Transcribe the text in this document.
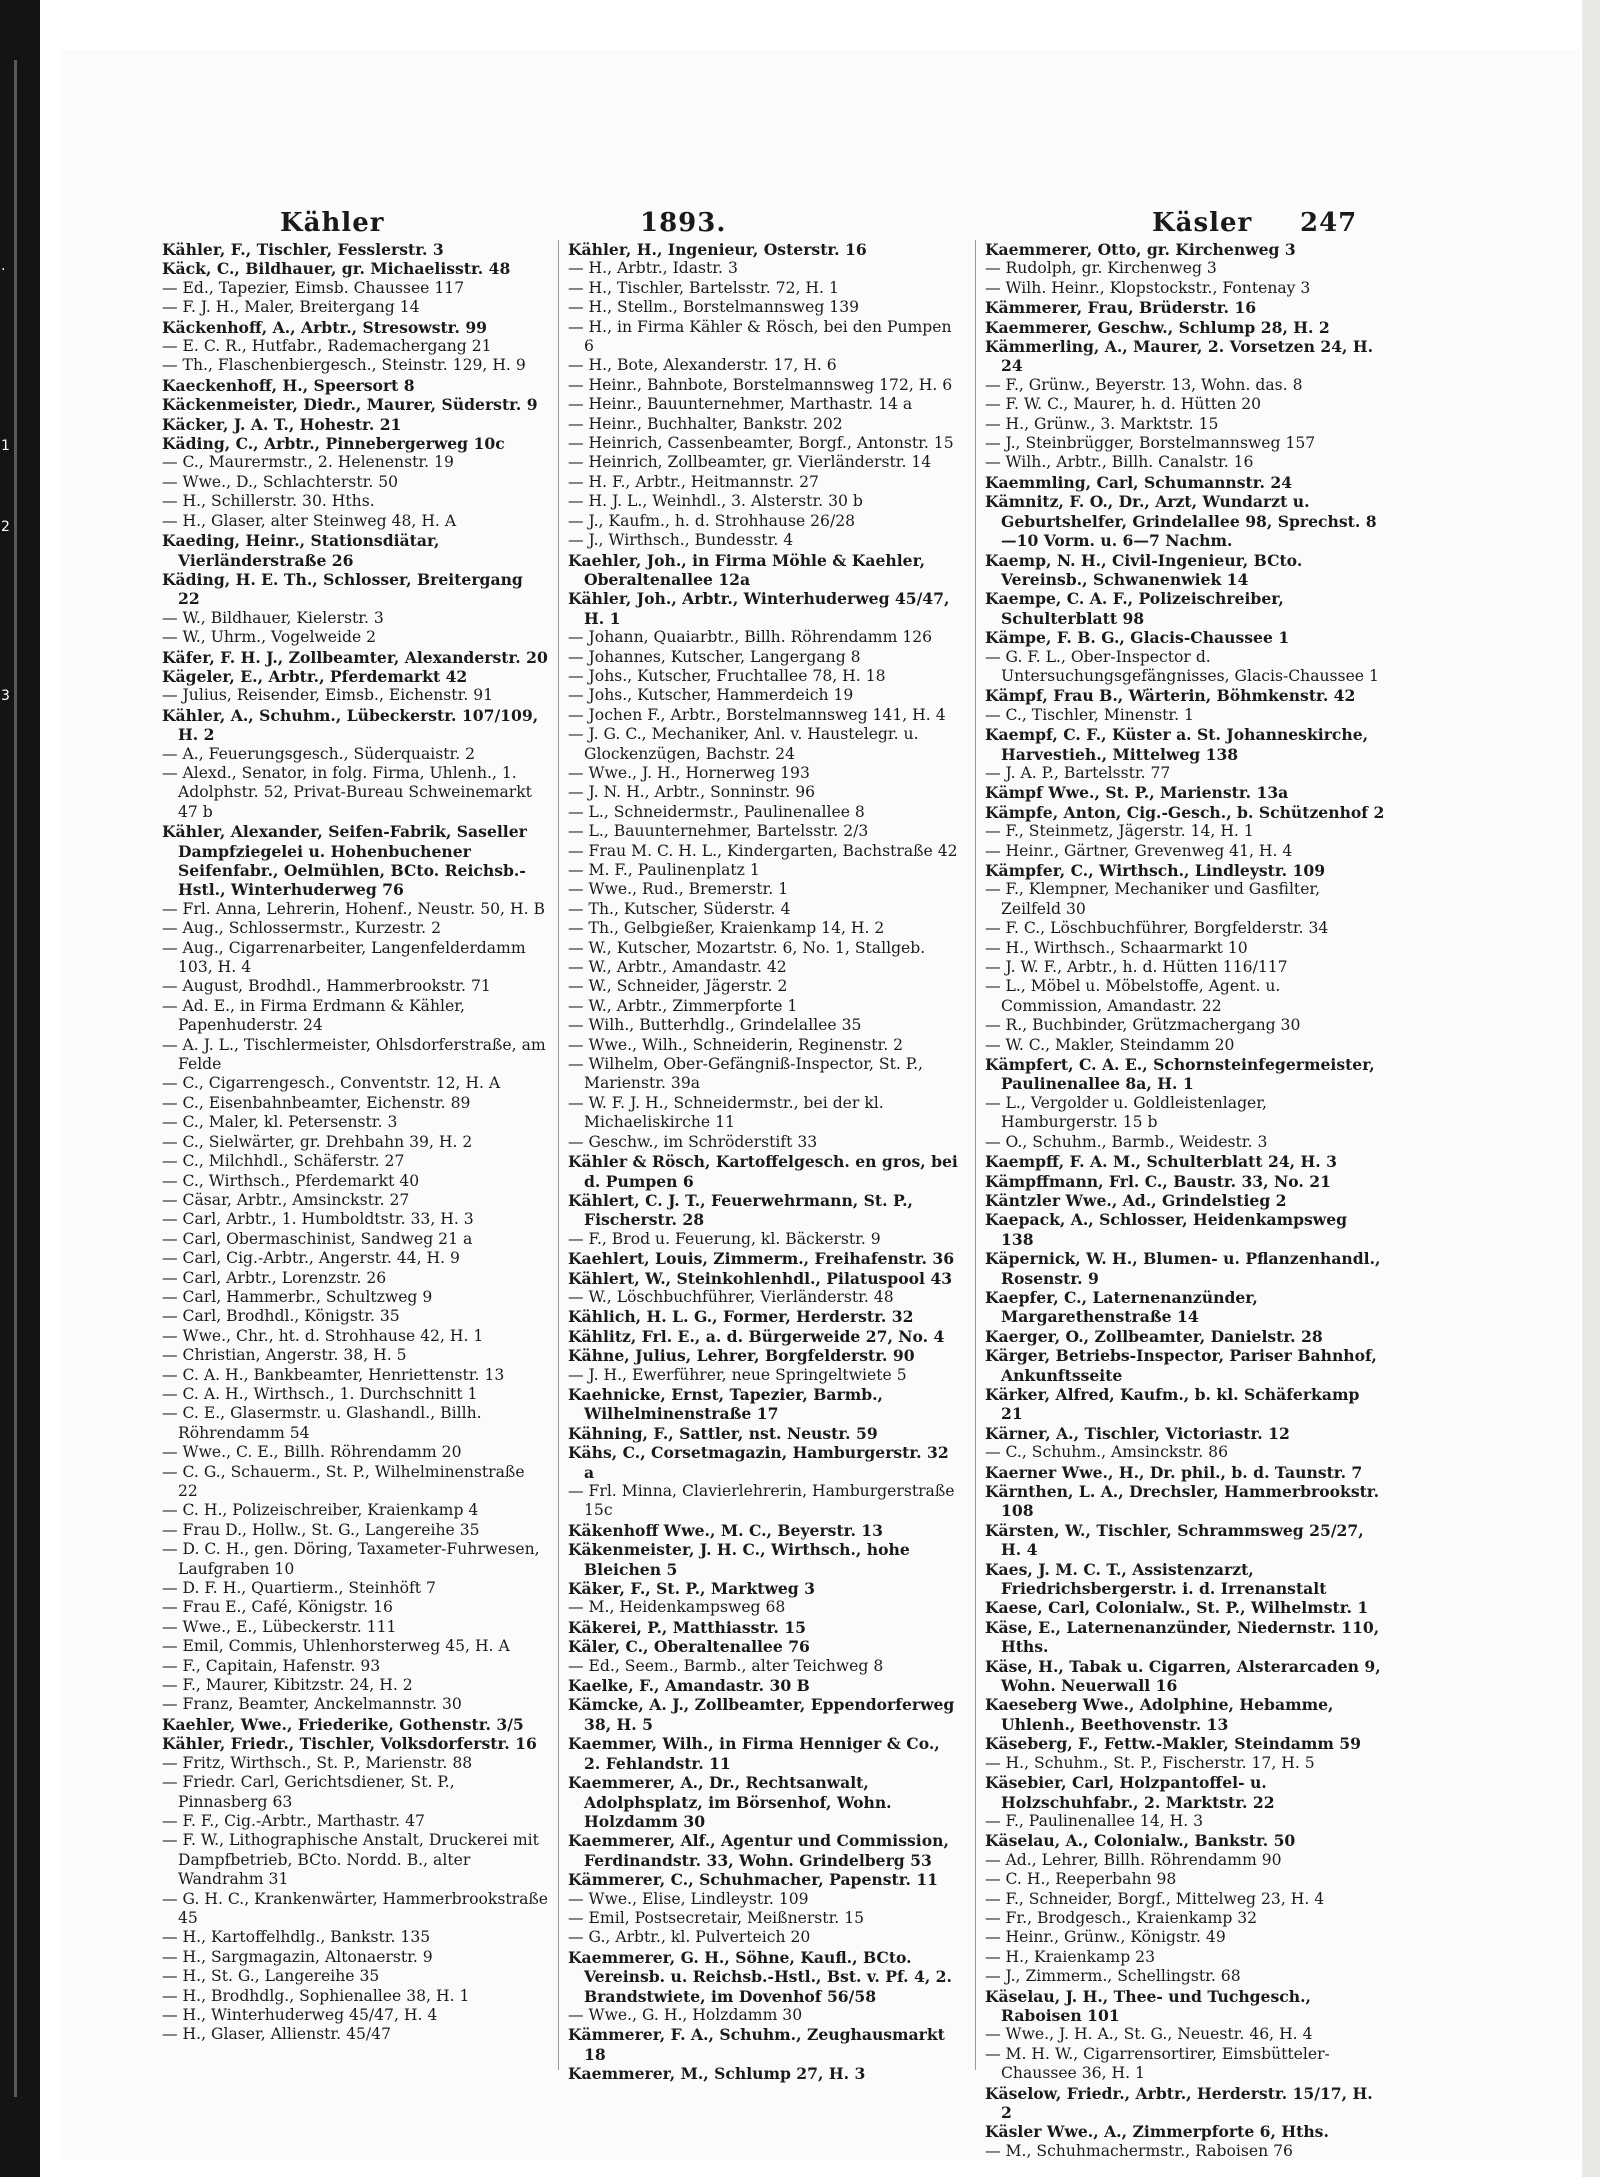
.
1
2
3
Kähler	1893.	Käsler 247

Kähler, F., Tischler, Fesslerstr. 3

Käck, C., Bildhauer, gr. Michaelisstr. 48

— Ed., Tapezier, Eimsb. Chaussee 117

— F. J. H., Maler, Breitergang 14

Käckenhoff, A., Arbtr., Stresowstr. 99

— E. C. R., Hutfabr., Rademachergang 21

— Th., Flaschenbiergesch., Steinstr. 129, H. 9

Kaeckenhoff, H., Speersort 8

Käckenmeister, Diedr., Maurer, Süderstr. 9

Käcker, J. A. T., Hohestr. 21

Käding, C., Arbtr., Pinnebergerweg 10c

— C., Maurermstr., 2. Helenenstr. 19

— Wwe., D., Schlachterstr. 50

— H., Schillerstr. 30. Hths.

— H., Glaser, alter Steinweg 48, H. A

Kaeding, Heinr., Stationsdiätar, Vierländerstraße 26

Käding, H. E. Th., Schlosser, Breitergang 22

— W., Bildhauer, Kielerstr. 3

— W., Uhrm., Vogelweide 2

Käfer, F. H. J., Zollbeamter, Alexanderstr. 20

Kägeler, E., Arbtr., Pferdemarkt 42

— Julius, Reisender, Eimsb., Eichenstr. 91

Kähler, A., Schuhm., Lübeckerstr. 107/109, H. 2

— A., Feuerungsgesch., Süderquaistr. 2

— Alexd., Senator, in folg. Firma, Uhlenh., 1. Adolphstr. 52, Privat-Bureau Schweinemarkt 47 b

Kähler, Alexander, Seifen-Fabrik, Saseller Dampfziegelei u. Hohenbuchener Seifenfabr., Oelmühlen, BCto. Reichsb.-Hstl., Winterhuderweg 76

— Frl. Anna, Lehrerin, Hohenf., Neustr. 50, H. B

— Aug., Schlossermstr., Kurzestr. 2

— Aug., Cigarrenarbeiter, Langenfelderdamm 103, H. 4

— August, Brodhdl., Hammerbrookstr. 71

— Ad. E., in Firma Erdmann & Kähler, Papenhuderstr. 24

— A. J. L., Tischlermeister, Ohlsdorferstraße, am Felde

— C., Cigarrengesch., Conventstr. 12, H. A

— C., Eisenbahnbeamter, Eichenstr. 89

— C., Maler, kl. Petersenstr. 3

— C., Sielwärter, gr. Drehbahn 39, H. 2

— C., Milchhdl., Schäferstr. 27

— C., Wirthsch., Pferdemarkt 40

— Cäsar, Arbtr., Amsinckstr. 27

— Carl, Arbtr., 1. Humboldtstr. 33, H. 3

— Carl, Obermaschinist, Sandweg 21 a

— Carl, Cig.-Arbtr., Angerstr. 44, H. 9

— Carl, Arbtr., Lorenzstr. 26

— Carl, Hammerbr., Schultzweg 9

— Carl, Brodhdl., Königstr. 35

— Wwe., Chr., ht. d. Strohhause 42, H. 1

— Christian, Angerstr. 38, H. 5

— C. A. H., Bankbeamter, Henriettenstr. 13

— C. A. H., Wirthsch., 1. Durchschnitt 1

— C. E., Glasermstr. u. Glashandl., Billh. Röhrendamm 54

— Wwe., C. E., Billh. Röhrendamm 20

— C. G., Schauerm., St. P., Wilhelminenstraße 22

— C. H., Polizeischreiber, Kraienkamp 4

— Frau D., Hollw., St. G., Langereihe 35

— D. C. H., gen. Döring, Taxameter-Fuhrwesen, Laufgraben 10

— D. F. H., Quartierm., Steinhöft 7

— Frau E., Café, Königstr. 16

— Wwe., E., Lübeckerstr. 111

— Emil, Commis, Uhlenhorsterweg 45, H. A

— F., Capitain, Hafenstr. 93

— F., Maurer, Kibitzstr. 24, H. 2

— Franz, Beamter, Anckelmannstr. 30

Kaehler, Wwe., Friederike, Gothenstr. 3/5

Kähler, Friedr., Tischler, Volksdorferstr. 16

— Fritz, Wirthsch., St. P., Marienstr. 88

— Friedr. Carl, Gerichtsdiener, St. P., Pinnasberg 63

— F. F., Cig.-Arbtr., Marthastr. 47

— F. W., Lithographische Anstalt, Druckerei mit Dampfbetrieb, BCto. Nordd. B., alter Wandrahm 31

— G. H. C., Krankenwärter, Hammerbrookstraße 45

— H., Kartoffelhdlg., Bankstr. 135

— H., Sargmagazin, Altonaerstr. 9

— H., St. G., Langereihe 35

— H., Brodhdlg., Sophienallee 38, H. 1

— H., Winterhuderweg 45/47, H. 4

— H., Glaser, Allienstr. 45/47

Kähler, H., Ingenieur, Osterstr. 16

— H., Arbtr., Idastr. 3

— H., Tischler, Bartelsstr. 72, H. 1

— H., Stellm., Borstelmannsweg 139

— H., in Firma Kähler & Rösch, bei den Pumpen 6

— H., Bote, Alexanderstr. 17, H. 6

— Heinr., Bahnbote, Borstelmannsweg 172, H. 6

— Heinr., Bauunternehmer, Marthastr. 14 a

— Heinr., Buchhalter, Bankstr. 202

— Heinrich, Cassenbeamter, Borgf., Antonstr. 15

— Heinrich, Zollbeamter, gr. Vierländerstr. 14

— H. F., Arbtr., Heitmannstr. 27

— H. J. L., Weinhdl., 3. Alsterstr. 30 b

— J., Kaufm., h. d. Strohhause 26/28

— J., Wirthsch., Bundesstr. 4

Kaehler, Joh., in Firma Möhle & Kaehler, Oberaltenallee 12a

Kähler, Joh., Arbtr., Winterhuderweg 45/47, H. 1

— Johann, Quaiarbtr., Billh. Röhrendamm 126

— Johannes, Kutscher, Langergang 8

— Johs., Kutscher, Fruchtallee 78, H. 18

— Johs., Kutscher, Hammerdeich 19

— Jochen F., Arbtr., Borstelmannsweg 141, H. 4

— J. G. C., Mechaniker, Anl. v. Haustelegr. u. Glockenzügen, Bachstr. 24

— Wwe., J. H., Hornerweg 193

— J. N. H., Arbtr., Sonninstr. 96

— L., Schneidermstr., Paulinenallee 8

— L., Bauunternehmer, Bartelsstr. 2/3

— Frau M. C. H. L., Kindergarten, Bachstraße 42

— M. F., Paulinenplatz 1

— Wwe., Rud., Bremerstr. 1

— Th., Kutscher, Süderstr. 4

— Th., Gelbgießer, Kraienkamp 14, H. 2

— W., Kutscher, Mozartstr. 6, No. 1, Stallgeb.

— W., Arbtr., Amandastr. 42

— W., Schneider, Jägerstr. 2

— W., Arbtr., Zimmerpforte 1

— Wilh., Butterhdlg., Grindelallee 35

— Wwe., Wilh., Schneiderin, Reginenstr. 2

— Wilhelm, Ober-Gefängniß-Inspector, St. P., Marienstr. 39a

— W. F. J. H., Schneidermstr., bei der kl. Michaeliskirche 11

— Geschw., im Schröderstift 33

Kähler & Rösch, Kartoffelgesch. en gros, bei d. Pumpen 6

Kählert, C. J. T., Feuerwehrmann, St. P., Fischerstr. 28

— F., Brod u. Feuerung, kl. Bäckerstr. 9

Kaehlert, Louis, Zimmerm., Freihafenstr. 36

Kählert, W., Steinkohlenhdl., Pilatuspool 43

— W., Löschbuchführer, Vierländerstr. 48

Kählich, H. L. G., Former, Herderstr. 32

Kählitz, Frl. E., a. d. Bürgerweide 27, No. 4

Kähne, Julius, Lehrer, Borgfelderstr. 90

— J. H., Ewerführer, neue Springeltwiete 5

Kaehnicke, Ernst, Tapezier, Barmb., Wilhelminenstraße 17

Kähning, F., Sattler, nst. Neustr. 59

Kähs, C., Corsetmagazin, Hamburgerstr. 32 a

— Frl. Minna, Clavierlehrerin, Hamburgerstraße 15c

Käkenhoff Wwe., M. C., Beyerstr. 13

Käkenmeister, J. H. C., Wirthsch., hohe Bleichen 5

Käker, F., St. P., Marktweg 3

— M., Heidenkampsweg 68

Käkerei, P., Matthiasstr. 15

Käler, C., Oberaltenallee 76

— Ed., Seem., Barmb., alter Teichweg 8

Kaelke, F., Amandastr. 30 B

Kämcke, A. J., Zollbeamter, Eppendorferweg 38, H. 5

Kaemmer, Wilh., in Firma Henniger & Co., 2. Fehlandstr. 11

Kaemmerer, A., Dr., Rechtsanwalt, Adolphsplatz, im Börsenhof, Wohn. Holzdamm 30

Kaemmerer, Alf., Agentur und Commission, Ferdinandstr. 33, Wohn. Grindelberg 53

Kämmerer, C., Schuhmacher, Papenstr. 11

— Wwe., Elise, Lindleystr. 109

— Emil, Postsecretair, Meißnerstr. 15

— G., Arbtr., kl. Pulverteich 20

Kaemmerer, G. H., Söhne, Kaufl., BCto. Vereinsb. u. Reichsb.-Hstl., Bst. v. Pf. 4, 2. Brandstwiete, im Dovenhof 56/58

— Wwe., G. H., Holzdamm 30

Kämmerer, F. A., Schuhm., Zeughausmarkt 18

Kaemmerer, M., Schlump 27, H. 3

Kaemmerer, Otto, gr. Kirchenweg 3

— Rudolph, gr. Kirchenweg 3

— Wilh. Heinr., Klopstockstr., Fontenay 3

Kämmerer, Frau, Brüderstr. 16

Kaemmerer, Geschw., Schlump 28, H. 2

Kämmerling, A., Maurer, 2. Vorsetzen 24, H. 24

— F., Grünw., Beyerstr. 13, Wohn. das. 8

— F. W. C., Maurer, h. d. Hütten 20

— H., Grünw., 3. Marktstr. 15

— J., Steinbrügger, Borstelmannsweg 157

— Wilh., Arbtr., Billh. Canalstr. 16

Kaemmling, Carl, Schumannstr. 24

Kämnitz, F. O., Dr., Arzt, Wundarzt u. Geburtshelfer, Grindelallee 98, Sprechst. 8—10 Vorm. u. 6—7 Nachm.

Kaemp, N. H., Civil-Ingenieur, BCto. Vereinsb., Schwanenwiek 14

Kaempe, C. A. F., Polizeischreiber, Schulterblatt 98

Kämpe, F. B. G., Glacis-Chaussee 1

— G. F. L., Ober-Inspector d. Untersuchungsgefängnisses, Glacis-Chaussee 1

Kämpf, Frau B., Wärterin, Böhmkenstr. 42

— C., Tischler, Minenstr. 1

Kaempf, C. F., Küster a. St. Johanneskirche, Harvestieh., Mittelweg 138

— J. A. P., Bartelsstr. 77

Kämpf Wwe., St. P., Marienstr. 13a

Kämpfe, Anton, Cig.-Gesch., b. Schützenhof 2

— F., Steinmetz, Jägerstr. 14, H. 1

— Heinr., Gärtner, Grevenweg 41, H. 4

Kämpfer, C., Wirthsch., Lindleystr. 109

— F., Klempner, Mechaniker und Gasfilter, Zeilfeld 30

— F. C., Löschbuchführer, Borgfelderstr. 34

— H., Wirthsch., Schaarmarkt 10

— J. W. F., Arbtr., h. d. Hütten 116/117

— L., Möbel u. Möbelstoffe, Agent. u. Commission, Amandastr. 22

— R., Buchbinder, Grützmachergang 30

— W. C., Makler, Steindamm 20

Kämpfert, C. A. E., Schornsteinfegermeister, Paulinenallee 8a, H. 1

— L., Vergolder u. Goldleistenlager, Hamburgerstr. 15 b

— O., Schuhm., Barmb., Weidestr. 3

Kaempff, F. A. M., Schulterblatt 24, H. 3

Kämpffmann, Frl. C., Baustr. 33, No. 21

Käntzler Wwe., Ad., Grindelstieg 2

Kaepack, A., Schlosser, Heidenkampsweg 138

Käpernick, W. H., Blumen- u. Pflanzenhandl., Rosenstr. 9

Kaepfer, C., Laternenanzünder, Margarethenstraße 14

Kaerger, O., Zollbeamter, Danielstr. 28

Kärger, Betriebs-Inspector, Pariser Bahnhof, Ankunftsseite

Kärker, Alfred, Kaufm., b. kl. Schäferkamp 21

Kärner, A., Tischler, Victoriastr. 12

— C., Schuhm., Amsinckstr. 86

Kaerner Wwe., H., Dr. phil., b. d. Taunstr. 7

Kärnthen, L. A., Drechsler, Hammerbrookstr. 108

Kärsten, W., Tischler, Schrammsweg 25/27, H. 4

Kaes, J. M. C. T., Assistenzarzt, Friedrichsbergerstr. i. d. Irrenanstalt

Kaese, Carl, Colonialw., St. P., Wilhelmstr. 1

Käse, E., Laternenanzünder, Niedernstr. 110, Hths.

Käse, H., Tabak u. Cigarren, Alsterarcaden 9, Wohn. Neuerwall 16

Kaeseberg Wwe., Adolphine, Hebamme, Uhlenh., Beethovenstr. 13

Käseberg, F., Fettw.-Makler, Steindamm 59

— H., Schuhm., St. P., Fischerstr. 17, H. 5

Käsebier, Carl, Holzpantoffel- u. Holzschuhfabr., 2. Marktstr. 22

— F., Paulinenallee 14, H. 3

Käselau, A., Colonialw., Bankstr. 50

— Ad., Lehrer, Billh. Röhrendamm 90

— C. H., Reeperbahn 98

— F., Schneider, Borgf., Mittelweg 23, H. 4

— Fr., Brodgesch., Kraienkamp 32

— Heinr., Grünw., Königstr. 49

— H., Kraienkamp 23

— J., Zimmerm., Schellingstr. 68

Käselau, J. H., Thee- und Tuchgesch., Raboisen 101

— Wwe., J. H. A., St. G., Neuestr. 46, H. 4

— M. H. W., Cigarrensortirer, Eimsbütteler-Chaussee 36, H. 1

Käselow, Friedr., Arbtr., Herderstr. 15/17, H. 2

Käsler Wwe., A., Zimmerpforte 6, Hths.

— M., Schuhmachermstr., Raboisen 76
